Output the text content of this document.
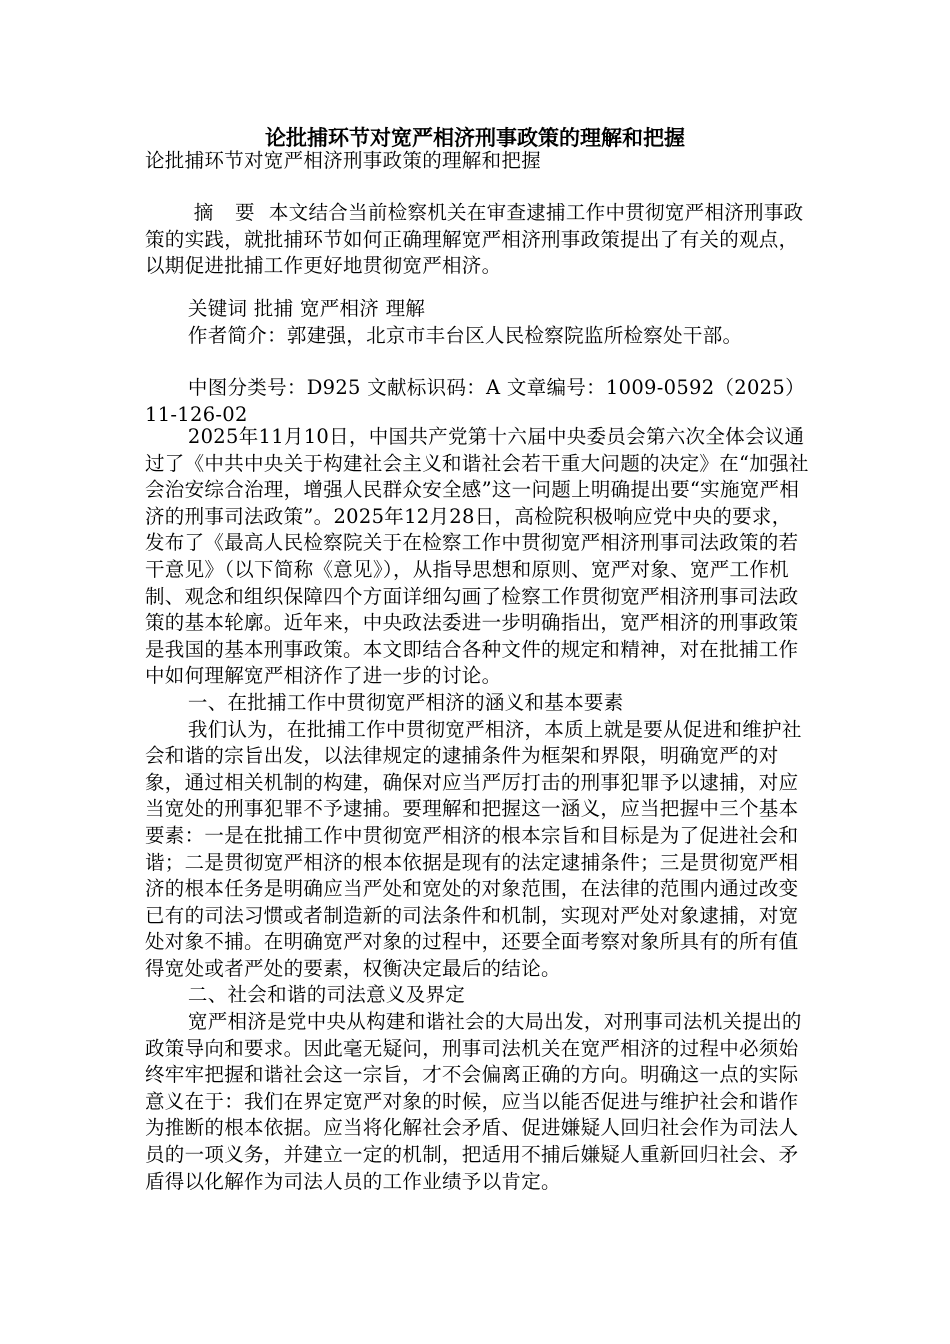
论批捕环节对宽严相济刑事政策的理解和把握
论批捕环节对宽严相济刑事政策的理解和把握

摘 要 本文结合当前检察机关在审查逮捕工作中贯彻宽严相济刑事政策的实践，就批捕环节如何正确理解宽严相济刑事政策提出了有关的观点，以期促进批捕工作更好地贯彻宽严相济。

关键词 批捕 宽严相济 理解

作者简介：郭建强，北京市丰台区人民检察院监所检察处干部。

中图分类号：D925 文献标识码：A 文章编号：1009-0592（2025）11-126-02

2025年11月10日，中国共产党第十六届中央委员会第六次全体会议通过了《中共中央关于构建社会主义和谐社会若干重大问题的决定》在“加强社会治安综合治理，增强人民群众安全感”这一问题上明确提出要“实施宽严相济的刑事司法政策”。2025年12月28日，高检院积极响应党中央的要求，发布了《最高人民检察院关于在检察工作中贯彻宽严相济刑事司法政策的若干意见》（以下简称《意见》），从指导思想和原则、宽严对象、宽严工作机制、观念和组织保障四个方面详细勾画了检察工作贯彻宽严相济刑事司法政策的基本轮廓。近年来，中央政法委进一步明确指出，宽严相济的刑事政策是我国的基本刑事政策。本文即结合各种文件的规定和精神，对在批捕工作中如何理解宽严相济作了进一步的讨论。

一、在批捕工作中贯彻宽严相济的涵义和基本要素

我们认为，在批捕工作中贯彻宽严相济，本质上就是要从促进和维护社会和谐的宗旨出发，以法律规定的逮捕条件为框架和界限，明确宽严的对象，通过相关机制的构建，确保对应当严厉打击的刑事犯罪予以逮捕，对应当宽处的刑事犯罪不予逮捕。要理解和把握这一涵义，应当把握中三个基本要素：一是在批捕工作中贯彻宽严相济的根本宗旨和目标是为了促进社会和谐；二是贯彻宽严相济的根本依据是现有的法定逮捕条件；三是贯彻宽严相济的根本任务是明确应当严处和宽处的对象范围，在法律的范围内通过改变已有的司法习惯或者制造新的司法条件和机制，实现对严处对象逮捕，对宽处对象不捕。在明确宽严对象的过程中，还要全面考察对象所具有的所有值得宽处或者严处的要素，权衡决定最后的结论。

二、社会和谐的司法意义及界定

宽严相济是党中央从构建和谐社会的大局出发，对刑事司法机关提出的政策导向和要求。因此毫无疑问，刑事司法机关在宽严相济的过程中必须始终牢牢把握和谐社会这一宗旨，才不会偏离正确的方向。明确这一点的实际意义在于：我们在界定宽严对象的时候，应当以能否促进与维护社会和谐作为推断的根本依据。应当将化解社会矛盾、促进嫌疑人回归社会作为司法人员的一项义务，并建立一定的机制，把适用不捕后嫌疑人重新回归社会、矛盾得以化解作为司法人员的工作业绩予以肯定。
